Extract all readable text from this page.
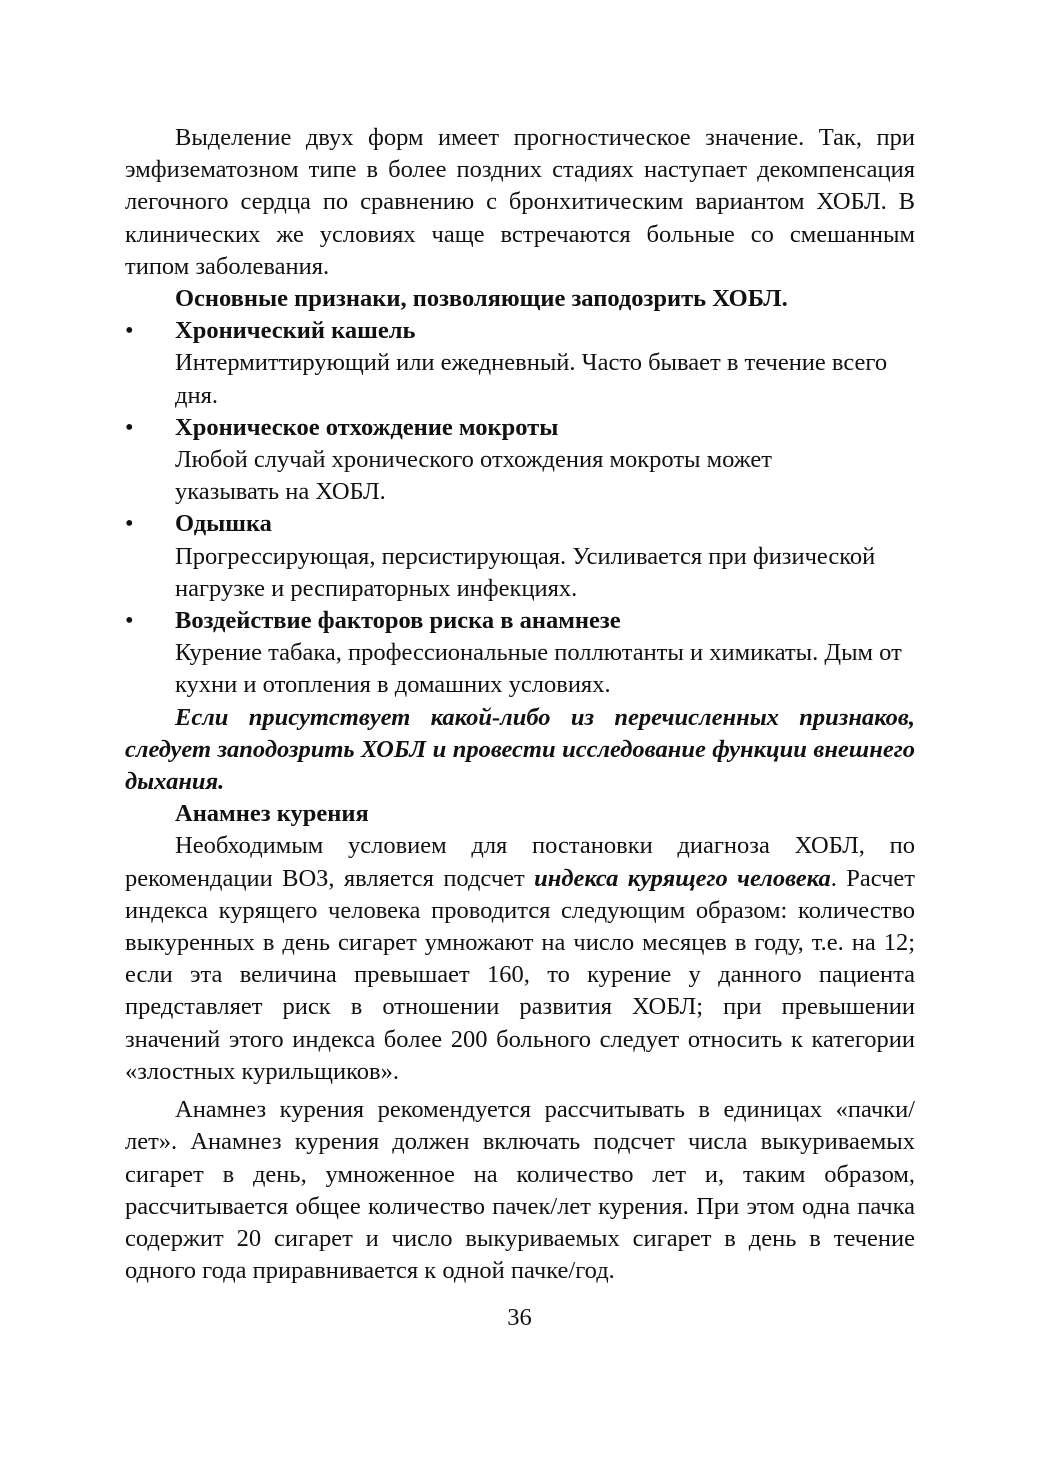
Выделение двух форм имеет прогностическое значение. Так, при эмфизематозном типе в более поздних стадиях наступает декомпенсация легочного сердца по сравнению с бронхитическим вариантом ХОБЛ. В клинических же условиях чаще встречаются больные со смешанным типом заболевания.

Основные признаки, позволяющие заподозрить ХОБЛ.

• Хронический кашель

Интермиттирующий или ежедневный. Часто бывает в течение всего дня.

• Хроническое отхождение мокроты

Любой случай хронического отхождения мокроты может указывать на ХОБЛ.

• Одышка

Прогрессирующая, персистирующая. Усиливается при физической нагрузке и респираторных инфекциях.

• Воздействие факторов риска в анамнезе

Курение табака, профессиональные поллютанты и химикаты. Дым от кухни и отопления в домашних условиях.

Если присутствует какой-либо из перечисленных признаков, следует заподозрить ХОБЛ и провести исследование функции внешнего дыхания.

Анамнез курения

Необходимым условием для постановки диагноза ХОБЛ, по рекомендации ВОЗ, является подсчет индекса курящего человека. Расчет индекса курящего человека проводится следующим образом: количество выкуренных в день сигарет умножают на число месяцев в году, т.е. на 12; если эта величина превышает 160, то курение у данного пациента представляет риск в отношении развития ХОБЛ; при превышении значений этого индекса более 200 больного следует относить к категории «злостных курильщиков».

Анамнез курения рекомендуется рассчитывать в единицах «пачки/лет». Анамнез курения должен включать подсчет числа выкуриваемых сигарет в день, умноженное на количество лет и, таким образом, рассчитывается общее количество пачек/лет курения. При этом одна пачка содержит 20 сигарет и число выкуриваемых сигарет в день в течение одного года приравнивается к одной пачке/год.

36
